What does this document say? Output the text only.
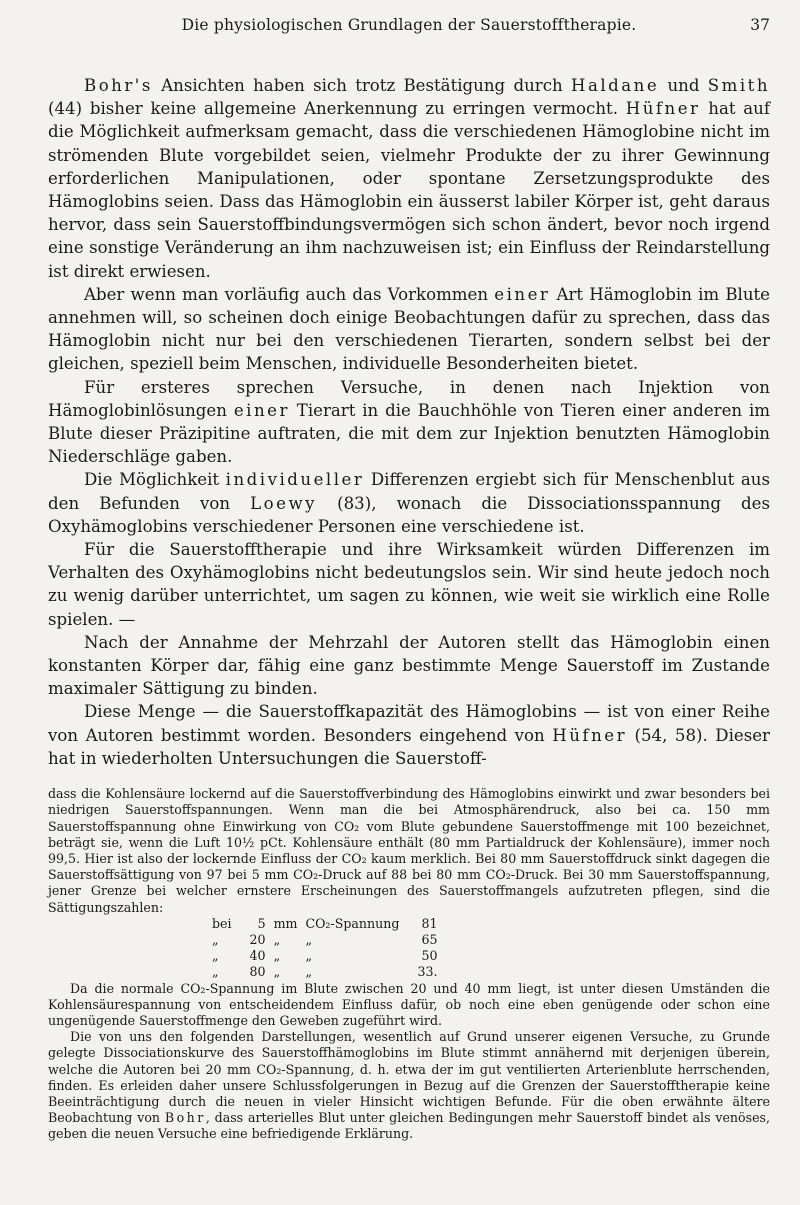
Die physiologischen Grundlagen der Sauerstofftherapie.	37

Bohr's Ansichten haben sich trotz Bestätigung durch Haldane und Smith (44) bisher keine allgemeine Anerkennung zu erringen vermocht. Hüfner hat auf die Möglichkeit aufmerksam gemacht, dass die verschiedenen Hämoglobine nicht im strömenden Blute vorgebildet seien, vielmehr Produkte der zu ihrer Gewinnung erforderlichen Manipulationen, oder spontane Zersetzungsprodukte des Hämoglobins seien. Dass das Hämoglobin ein äusserst labiler Körper ist, geht daraus hervor, dass sein Sauerstoffbindungsvermögen sich schon ändert, bevor noch irgend eine sonstige Veränderung an ihm nachzuweisen ist; ein Einfluss der Reindarstellung ist direkt erwiesen.

Aber wenn man vorläufig auch das Vorkommen einer Art Hämoglobin im Blute annehmen will, so scheinen doch einige Beobachtungen dafür zu sprechen, dass das Hämoglobin nicht nur bei den verschiedenen Tierarten, sondern selbst bei der gleichen, speziell beim Menschen, individuelle Besonderheiten bietet.

Für ersteres sprechen Versuche, in denen nach Injektion von Hämoglobinlösungen einer Tierart in die Bauchhöhle von Tieren einer anderen im Blute dieser Präzipitine auftraten, die mit dem zur Injektion benutzten Hämoglobin Niederschläge gaben.

Die Möglichkeit individueller Differenzen ergiebt sich für Menschenblut aus den Befunden von Loewy (83), wonach die Dissociationsspannung des Oxyhämoglobins verschiedener Personen eine verschiedene ist.

Für die Sauerstofftherapie und ihre Wirksamkeit würden Differenzen im Verhalten des Oxyhämoglobins nicht bedeutungslos sein. Wir sind heute jedoch noch zu wenig darüber unterrichtet, um sagen zu können, wie weit sie wirklich eine Rolle spielen. —

Nach der Annahme der Mehrzahl der Autoren stellt das Hämoglobin einen konstanten Körper dar, fähig eine ganz bestimmte Menge Sauerstoff im Zustande maximaler Sättigung zu binden.

Diese Menge — die Sauerstoffkapazität des Hämoglobins — ist von einer Reihe von Autoren bestimmt worden. Besonders eingehend von Hüfner (54, 58). Dieser hat in wiederholten Untersuchungen die Sauerstoff-

dass die Kohlensäure lockernd auf die Sauerstoffverbindung des Hämoglobins einwirkt und zwar besonders bei niedrigen Sauerstoffspannungen. Wenn man die bei Atmosphärendruck, also bei ca. 150 mm Sauerstoffspannung ohne Einwirkung von CO₂ vom Blute gebundene Sauerstoffmenge mit 100 bezeichnet, beträgt sie, wenn die Luft 10½ pCt. Kohlensäure enthält (80 mm Partialdruck der Kohlensäure), immer noch 99,5. Hier ist also der lockernde Einfluss der CO₂ kaum merklich. Bei 80 mm Sauerstoffdruck sinkt dagegen die Sauerstoffsättigung von 97 bei 5 mm CO₂-Druck auf 88 bei 80 mm CO₂-Druck. Bei 30 mm Sauerstoffspannung, jener Grenze bei welcher ernstere Erscheinungen des Sauerstoffmangels aufzutreten pflegen, sind die Sättigungszahlen:

bei	5	mm	CO₂-Spannung	81
„	20	„	„	65
„	40	„	„	50
„	80	„	„	33.

Da die normale CO₂-Spannung im Blute zwischen 20 und 40 mm liegt, ist unter diesen Umständen die Kohlensäurespannung von entscheidendem Einfluss dafür, ob noch eine eben genügende oder schon eine ungenügende Sauerstoffmenge den Geweben zugeführt wird.

Die von uns den folgenden Darstellungen, wesentlich auf Grund unserer eigenen Versuche, zu Grunde gelegte Dissociationskurve des Sauerstoffhämoglobins im Blute stimmt annähernd mit derjenigen überein, welche die Autoren bei 20 mm CO₂-Spannung, d. h. etwa der im gut ventilierten Arterienblute herrschenden, finden. Es erleiden daher unsere Schlussfolgerungen in Bezug auf die Grenzen der Sauerstofftherapie keine Beeinträchtigung durch die neuen in vieler Hinsicht wichtigen Befunde. Für die oben erwähnte ältere Beobachtung von Bohr, dass arterielles Blut unter gleichen Bedingungen mehr Sauerstoff bindet als venöses, geben die neuen Versuche eine befriedigende Erklärung.
